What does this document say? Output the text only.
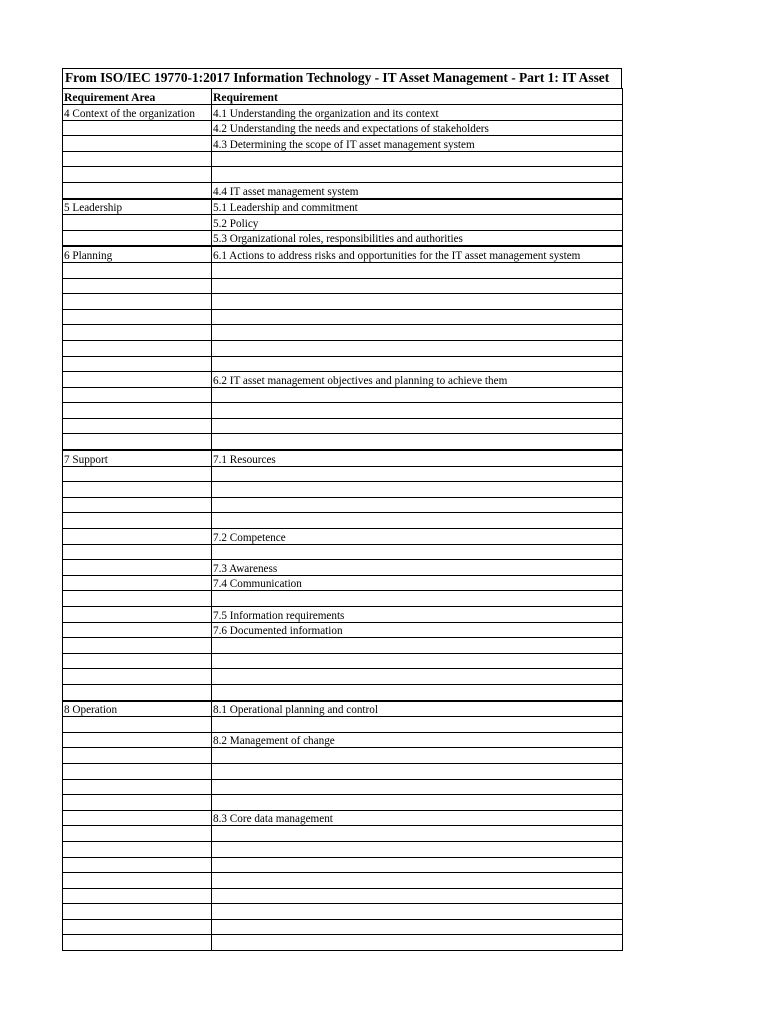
From ISO/IEC 19770-1:2017 Information Technology - IT Asset Management - Part 1: IT Asset
Requirement Area	Requirement
4 Context of the organization	4.1 Understanding the organization and its context
	4.2 Understanding the needs and expectations of stakeholders
	4.3 Determining the scope of IT asset management system

	4.4 IT asset management system
5 Leadership	5.1 Leadership and commitment
	5.2 Policy
	5.3 Organizational roles, responsibilities and authorities
6 Planning	6.1 Actions to address risks and opportunities for the IT asset management system

	6.2 IT asset management objectives and planning to achieve them

7 Support	7.1 Resources

	7.2 Competence

	7.3 Awareness
	7.4 Communication

	7.5 Information requirements
	7.6 Documented information

8 Operation	8.1 Operational planning and control

	8.2 Management of change

	8.3 Core data management
